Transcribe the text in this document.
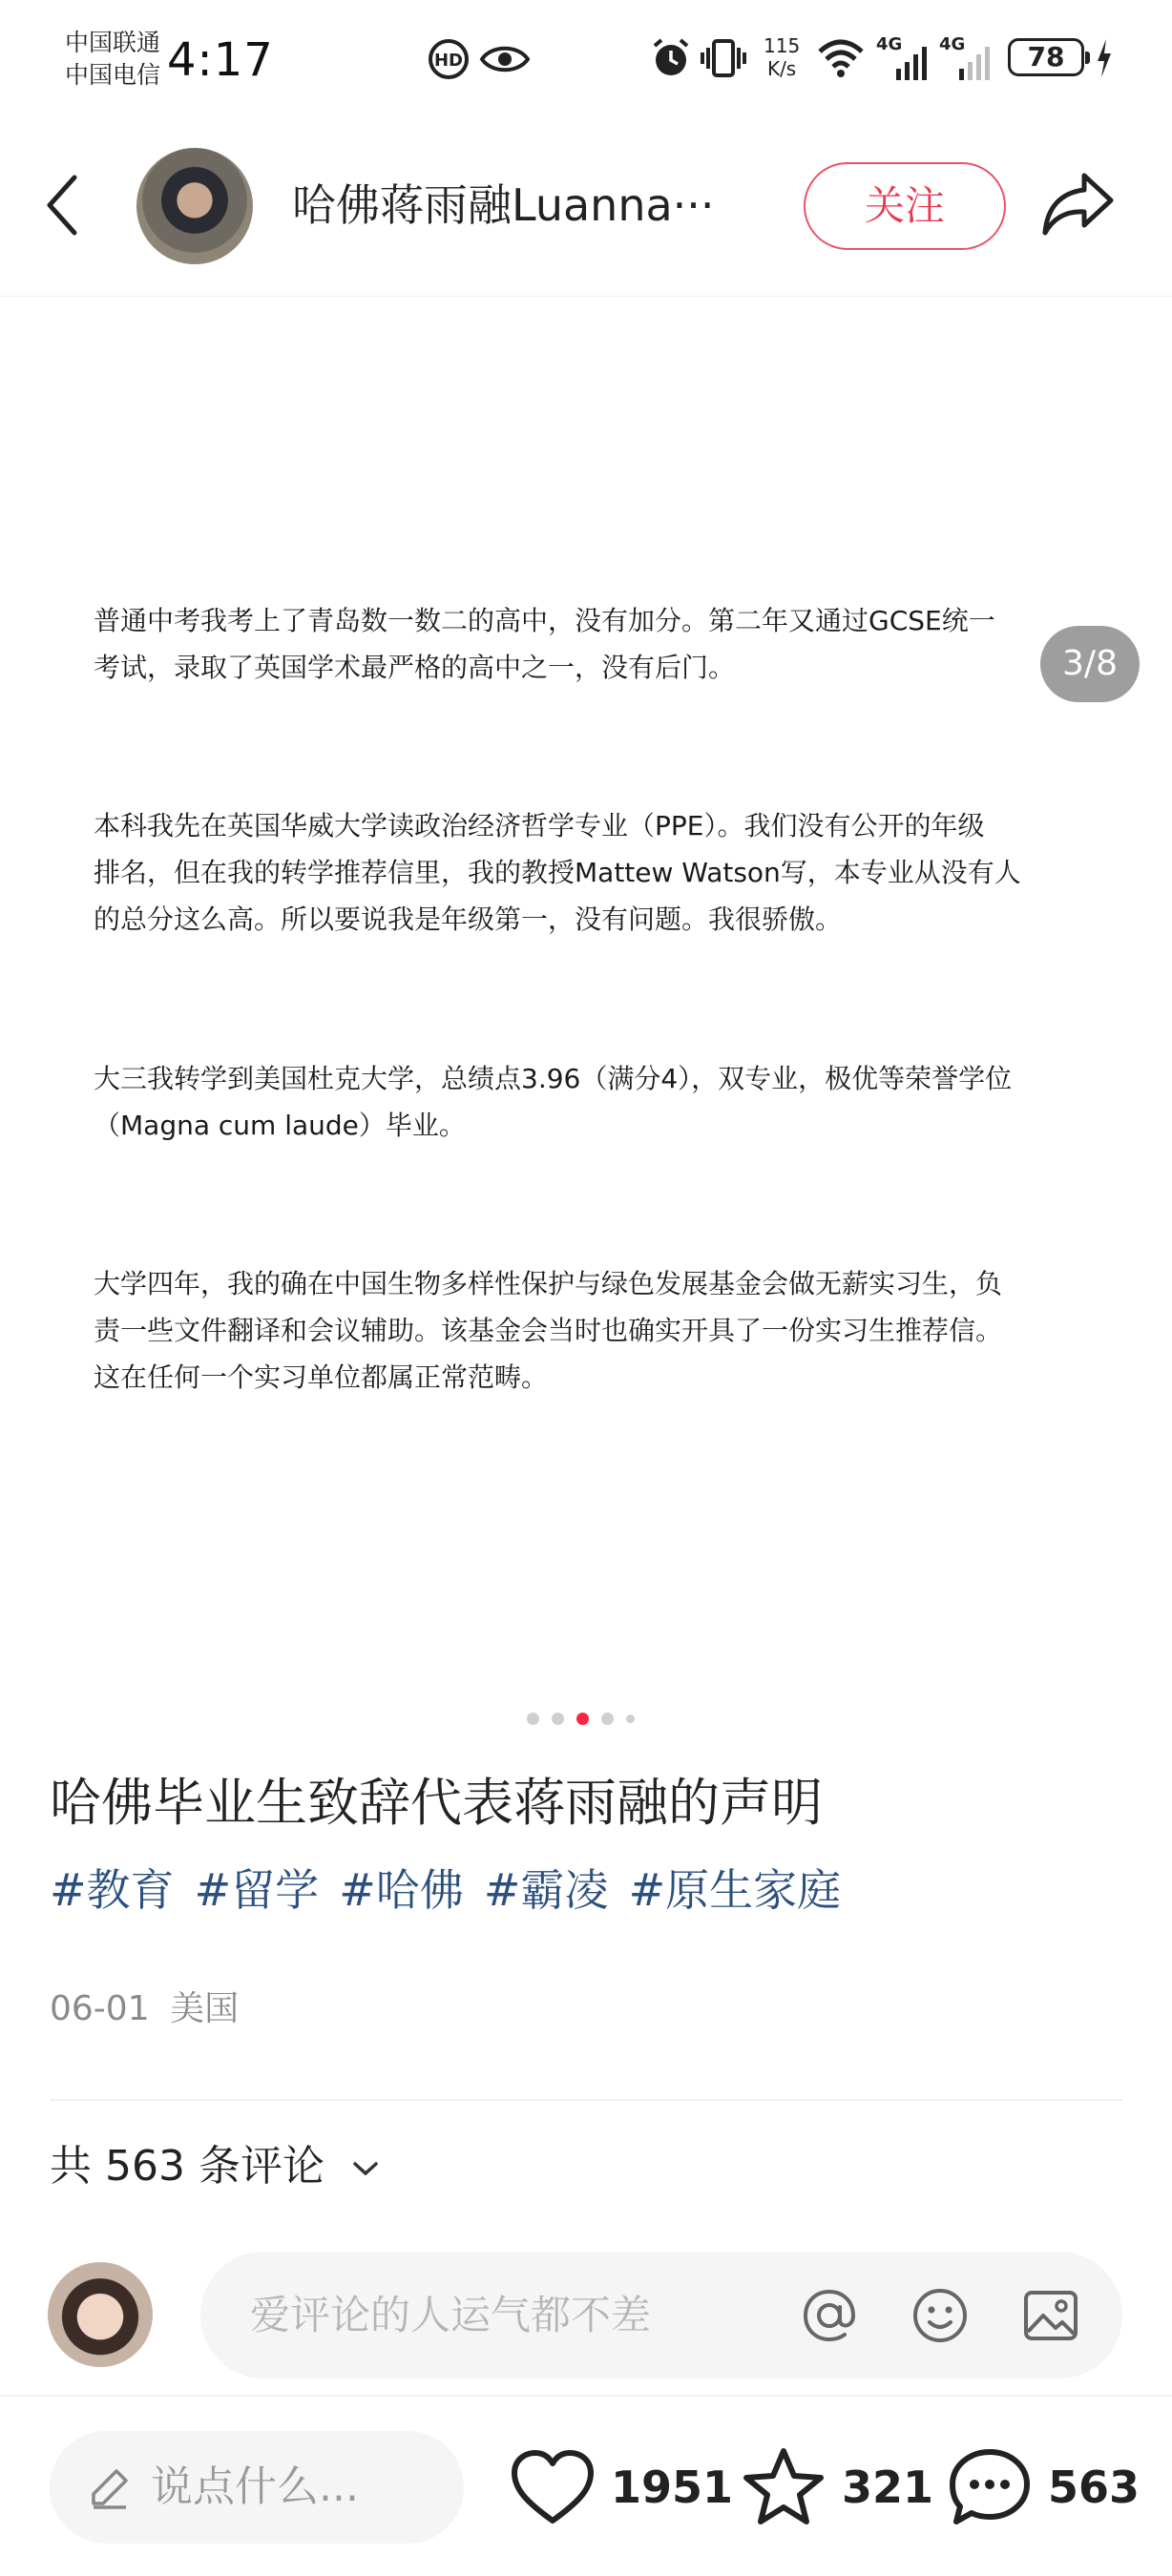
中国联通
中国电信 4:17	HD
115
K/s
4G 4G	78
哈佛蒋雨融Luanna···	关注
3/8
普通中考我考上了青岛数一数二的高中，没有加分。第二年又通过GCSE统一
考试，录取了英国学术最严格的高中之一，没有后门。
本科我先在英国华威大学读政治经济哲学专业（PPE）。我们没有公开的年级
排名，但在我的转学推荐信里，我的教授Mattew Watson写，本专业从没有人
的总分这么高。所以要说我是年级第一，没有问题。我很骄傲。
大三我转学到美国杜克大学，总绩点3.96（满分4），双专业，极优等荣誉学位
（Magna cum laude）毕业。
大学四年，我的确在中国生物多样性保护与绿色发展基金会做无薪实习生，负
责一些文件翻译和会议辅助。该基金会当时也确实开具了一份实习生推荐信。
这在任何一个实习单位都属正常范畴。
哈佛毕业生致辞代表蒋雨融的声明
#教育 #留学 #哈佛 #霸凌 #原生家庭
06-01 美国
共 563 条评论
爱评论的人运气都不差
说点什么...	1951 321	563
